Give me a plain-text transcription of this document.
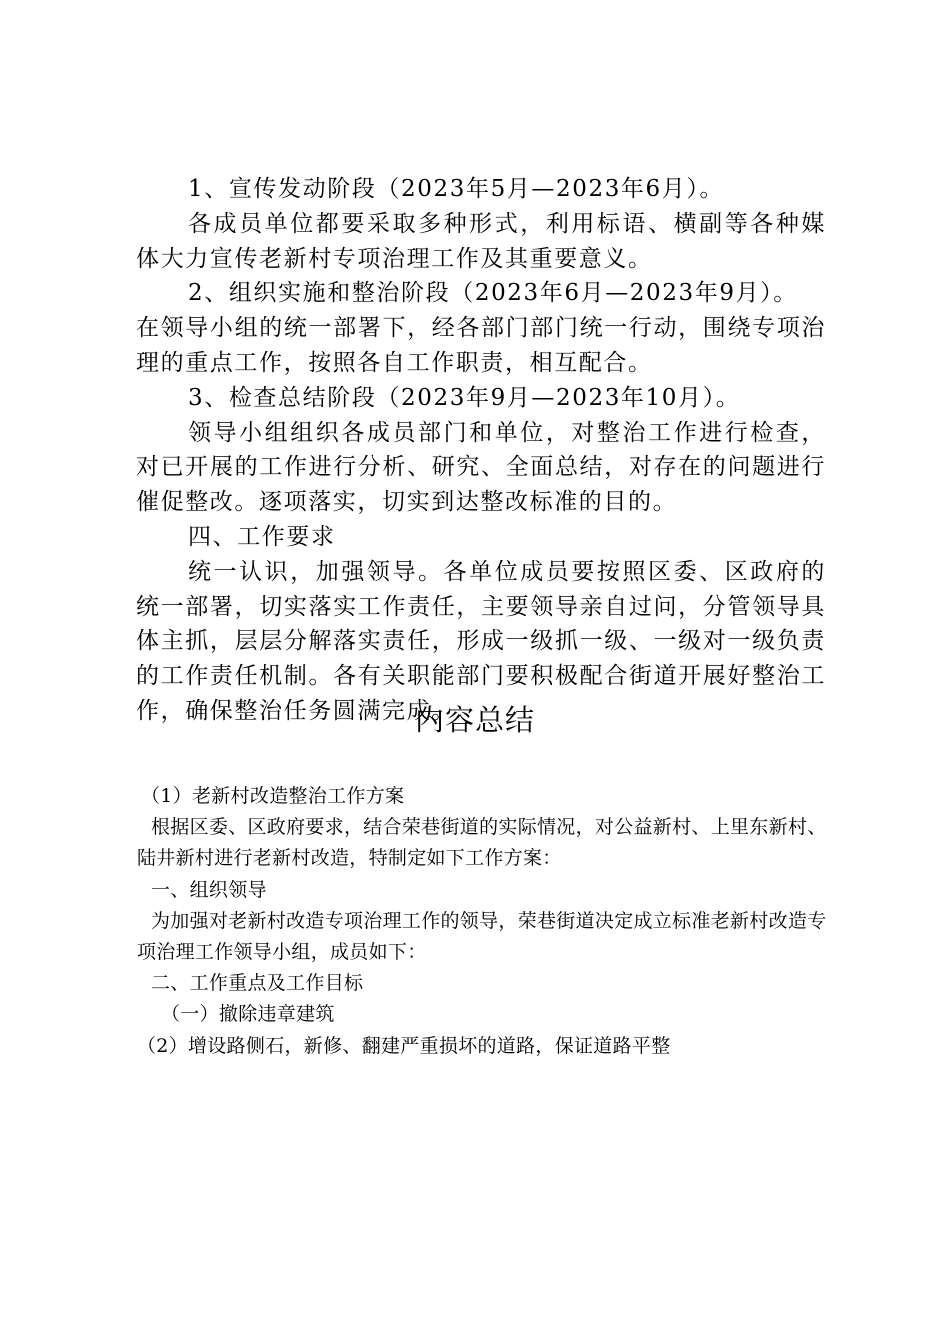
1、宣传发动阶段（2023年5月—2023年6月）。

各成员单位都要采取多种形式，利用标语、横副等各种媒体大力宣传老新村专项治理工作及其重要意义。

2、组织实施和整治阶段（2023年6月—2023年9月）。

在领导小组的统一部署下，经各部门部门统一行动，围绕专项治理的重点工作，按照各自工作职责，相互配合。

3、检查总结阶段（2023年9月—2023年10月）。

领导小组组织各成员部门和单位，对整治工作进行检查，对已开展的工作进行分析、研究、全面总结，对存在的问题进行催促整改。逐项落实，切实到达整改标准的目的。

四、工作要求

统一认识，加强领导。各单位成员要按照区委、区政府的统一部署，切实落实工作责任，主要领导亲自过问，分管领导具体主抓，层层分解落实责任，形成一级抓一级、一级对一级负责的工作责任机制。各有关职能部门要积极配合街道开展好整治工作，确保整治任务圆满完成。

内容总结

（1）老新村改造整治工作方案

根据区委、区政府要求，结合荣巷街道的实际情况，对公益新村、上里东新村、陆井新村进行老新村改造，特制定如下工作方案：

一、组织领导

为加强对老新村改造专项治理工作的领导，荣巷街道决定成立标准老新村改造专项治理工作领导小组，成员如下：

二、工作重点及工作目标

（一）撤除违章建筑

（2）增设路侧石，新修、翻建严重损坏的道路，保证道路平整
